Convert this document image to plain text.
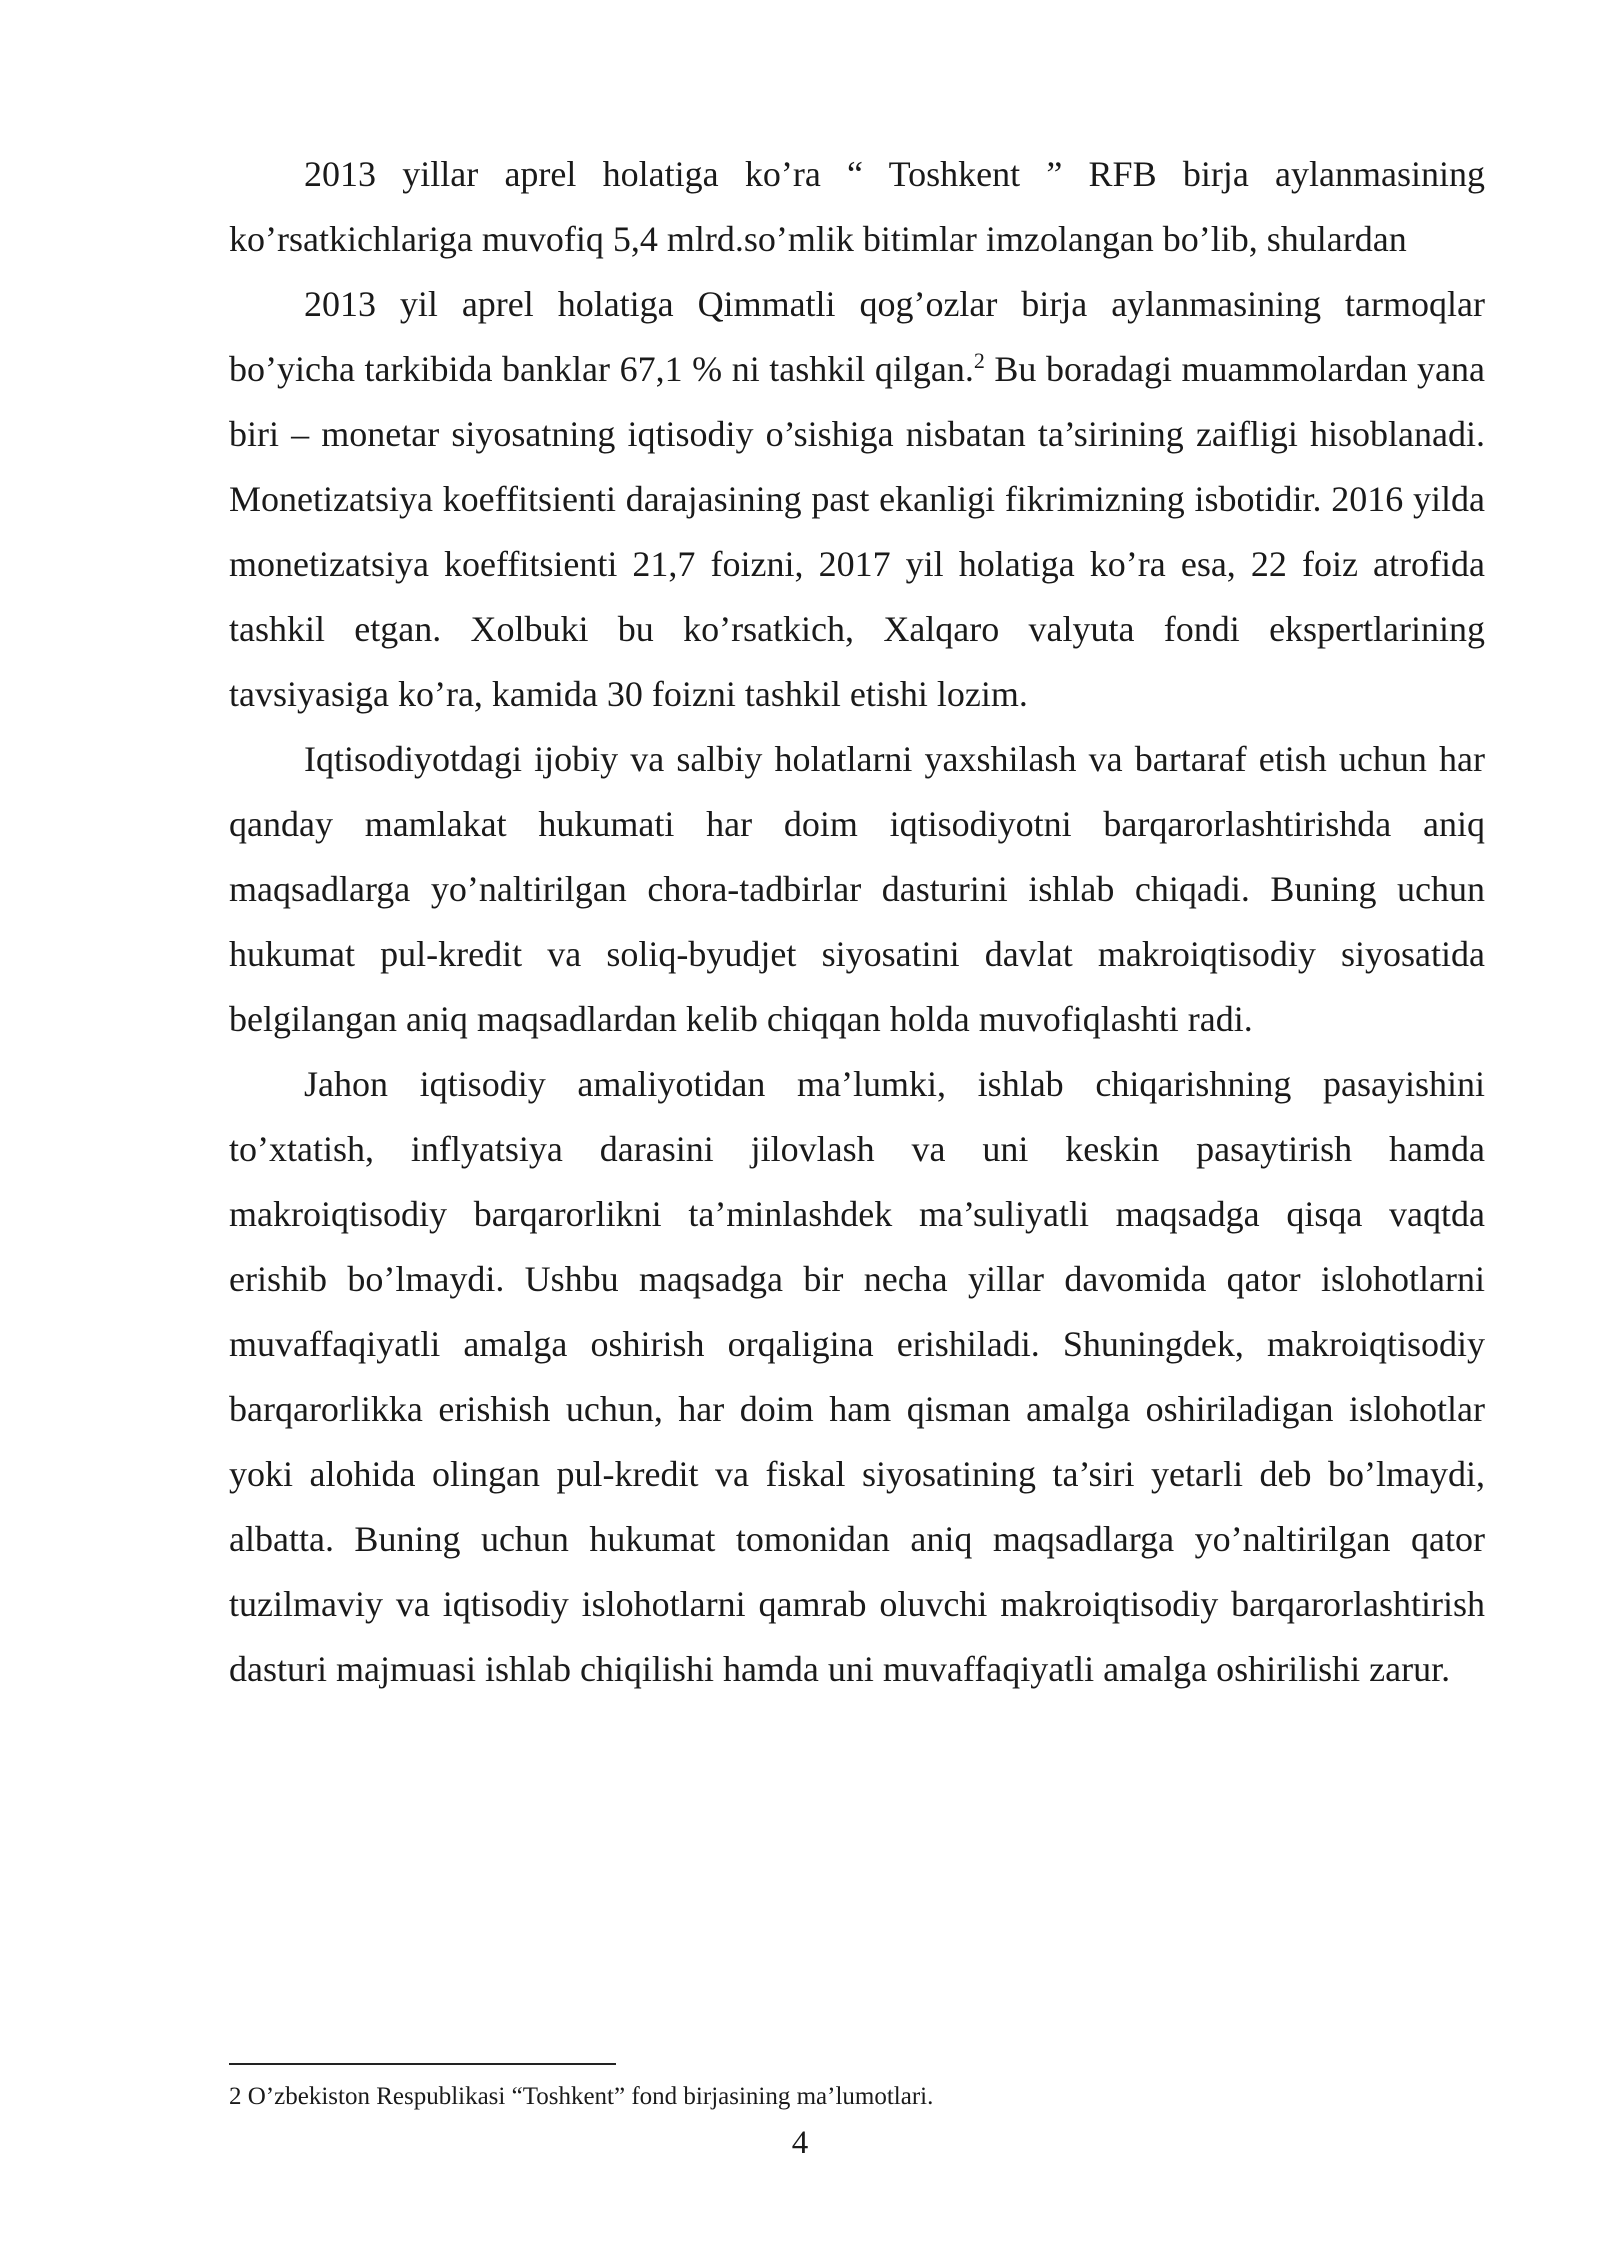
2013 yillar aprel holatiga ko’ra “ Toshkent ” RFB birja aylanmasining ko’rsatkichlariga muvofiq 5,4 mlrd.so’mlik bitimlar imzolangan bo’lib, shulardan

2013 yil aprel holatiga Qimmatli qog’ozlar birja aylanmasining tarmoqlar bo’yicha tarkibida banklar 67,1 % ni tashkil qilgan.$^2$ Bu boradagi muammolardan yana biri – monetar siyosatning iqtisodiy o’sishiga nisbatan ta’sirining zaifligi hisoblanadi. Monetizatsiya koeffitsienti darajasining past ekanligi fikrimizning isbotidir. 2016 yilda monetizatsiya koeffitsienti 21,7 foizni, 2017 yil holatiga ko’ra esa, 22 foiz atrofida tashkil etgan. Xolbuki bu ko’rsatkich, Xalqaro valyuta fondi ekspertlarining tavsiyasiga ko’ra, kamida 30 foizni tashkil etishi lozim.

Iqtisodiyotdagi ijobiy va salbiy holatlarni yaxshilash va bartaraf etish uchun har qanday mamlakat hukumati har doim iqtisodiyotni barqarorlashtirishda aniq maqsadlarga yo’naltirilgan chora-tadbirlar dasturini ishlab chiqadi. Buning uchun hukumat pul-kredit va soliq-byudjet siyosatini davlat makroiqtisodiy siyosatida belgilangan aniq maqsadlardan kelib chiqqan holda muvofiqlashti radi.

Jahon iqtisodiy amaliyotidan ma’lumki, ishlab chiqarishning pasayishini to’xtatish, inflyatsiya darasini jilovlash va uni keskin pasaytirish hamda makroiqtisodiy barqarorlikni ta’minlashdek ma’suliyatli maqsadga qisqa vaqtda erishib bo’lmaydi. Ushbu maqsadga bir necha yillar davomida qator islohotlarni muvaffaqiyatli amalga oshirish orqaligina erishiladi. Shuningdek, makroiqtisodiy barqarorlikka erishish uchun, har doim ham qisman amalga oshiriladigan islohotlar yoki alohida olingan pul-kredit va fiskal siyosatining ta’siri yetarli deb bo’lmaydi, albatta. Buning uchun hukumat tomonidan aniq maqsadlarga yo’naltirilgan qator tuzilmaviy va iqtisodiy islohotlarni qamrab oluvchi makroiqtisodiy barqarorlashtirish dasturi majmuasi ishlab chiqilishi hamda uni muvaffaqiyatli amalga oshirilishi zarur.

2 O’zbekiston Respublikasi “Toshkent” fond birjasining ma’lumotlari.

4
